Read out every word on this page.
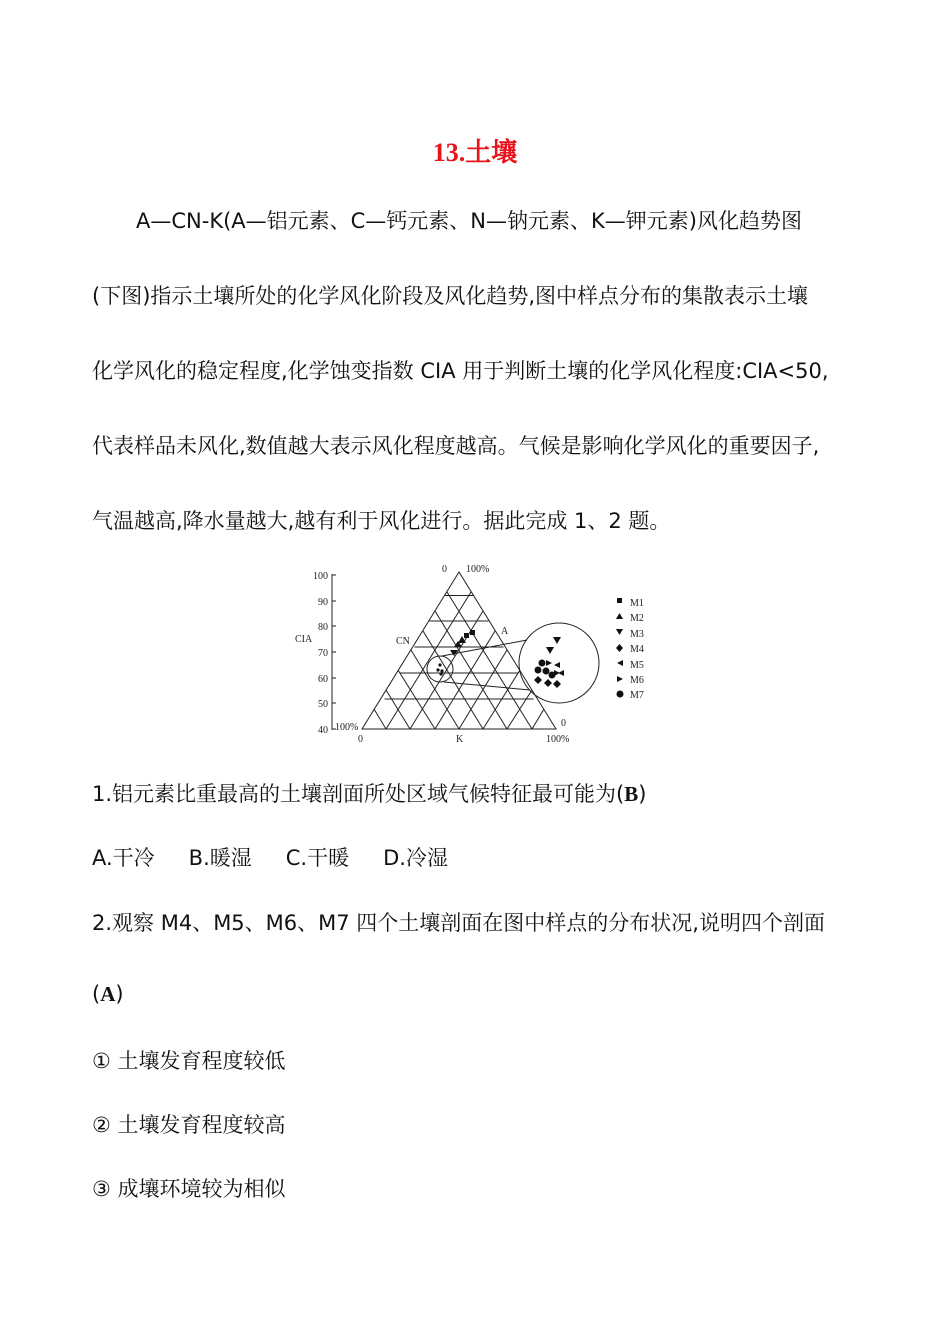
13.土壤
A—CN-K(A—铝元素、C—钙元素、N—钠元素、K—钾元素)风化趋势图
(下图)指示土壤所处的化学风化阶段及风化趋势,图中样点分布的集散表示土壤
化学风化的稳定程度,化学蚀变指数 CIA 用于判断土壤的化学风化程度:CIA<50,
代表样品未风化,数值越大表示风化程度越高。气候是影响化学风化的重要因子,
气温越高,降水量越大,越有利于风化进行。据此完成 1、2 题。
100
90
80
70
60
50
40
CIA
0 100%
100%
0
0
100%
CN
A
K
M1
M2
M3
M4
M5
M6
M7
1.铝元素比重最高的土壤剖面所处区域气候特征最可能为(B)
A.干冷 B.暖湿 C.干暖 D.冷湿
2.观察 M4、M5、M6、M7 四个土壤剖面在图中样点的分布状况,说明四个剖面
(A)
① 土壤发育程度较低
② 土壤发育程度较高
③ 成壤环境较为相似
